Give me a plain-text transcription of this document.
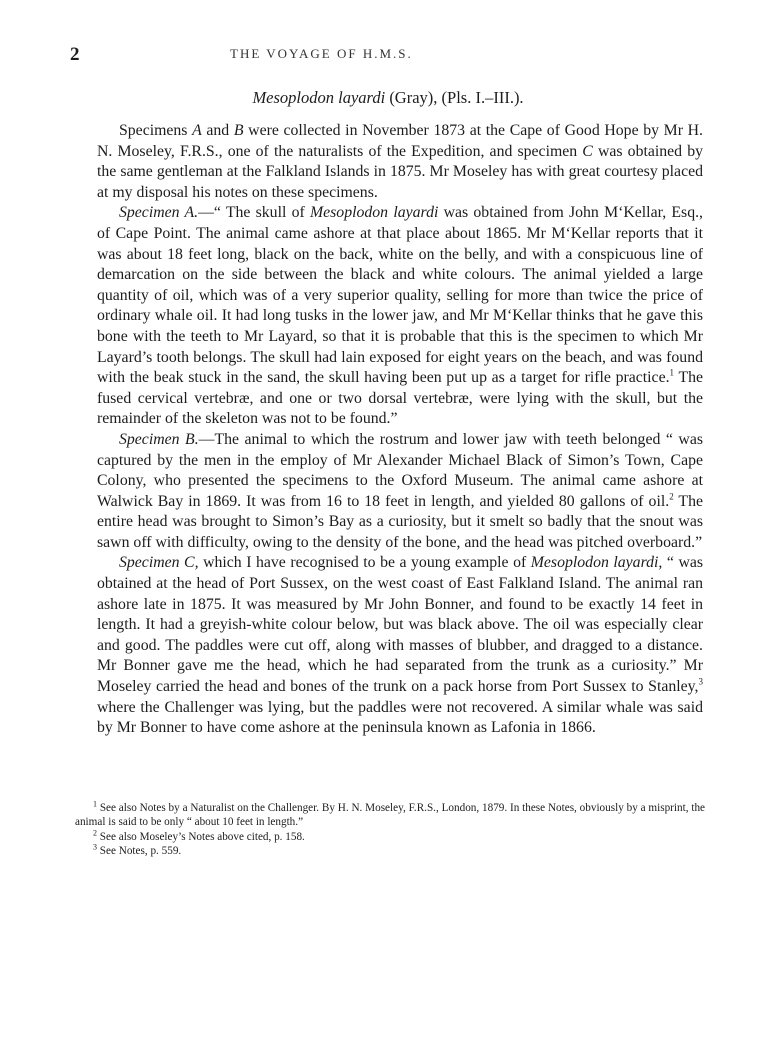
2	THE VOYAGE OF H.M.S.
Mesoplodon layardi (Gray), (Pls. I.–III.).

Specimens A and B were collected in November 1873 at the Cape of Good Hope by Mr H. N. Moseley, F.R.S., one of the naturalists of the Expedition, and specimen C was obtained by the same gentleman at the Falkland Islands in 1875. Mr Moseley has with great courtesy placed at my disposal his notes on these specimens.

Specimen A.—“ The skull of Mesoplodon layardi was obtained from John M‘Kellar, Esq., of Cape Point. The animal came ashore at that place about 1865. Mr M‘Kellar reports that it was about 18 feet long, black on the back, white on the belly, and with a conspicuous line of demarcation on the side between the black and white colours. The animal yielded a large quantity of oil, which was of a very superior quality, selling for more than twice the price of ordinary whale oil. It had long tusks in the lower jaw, and Mr M‘Kellar thinks that he gave this bone with the teeth to Mr Layard, so that it is probable that this is the specimen to which Mr Layard’s tooth belongs. The skull had lain exposed for eight years on the beach, and was found with the beak stuck in the sand, the skull having been put up as a target for rifle practice.$^1$ The fused cervical vertebræ, and one or two dorsal vertebræ, were lying with the skull, but the remainder of the skeleton was not to be found.”

Specimen B.—The animal to which the rostrum and lower jaw with teeth belonged “ was captured by the men in the employ of Mr Alexander Michael Black of Simon’s Town, Cape Colony, who presented the specimens to the Oxford Museum. The animal came ashore at Walwick Bay in 1869. It was from 16 to 18 feet in length, and yielded 80 gallons of oil.$^2$ The entire head was brought to Simon’s Bay as a curiosity, but it smelt so badly that the snout was sawn off with difficulty, owing to the density of the bone, and the head was pitched overboard.”

Specimen C, which I have recognised to be a young example of Mesoplodon layardi, “ was obtained at the head of Port Sussex, on the west coast of East Falkland Island. The animal ran ashore late in 1875. It was measured by Mr John Bonner, and found to be exactly 14 feet in length. It had a greyish-white colour below, but was black above. The oil was especially clear and good. The paddles were cut off, along with masses of blubber, and dragged to a distance. Mr Bonner gave me the head, which he had separated from the trunk as a curiosity.” Mr Moseley carried the head and bones of the trunk on a pack horse from Port Sussex to Stanley,$^3$ where the Challenger was lying, but the paddles were not recovered. A similar whale was said by Mr Bonner to have come ashore at the peninsula known as Lafonia in 1866.

$^1$ See also Notes by a Naturalist on the Challenger. By H. N. Moseley, F.R.S., London, 1879. In these Notes, obviously by a misprint, the animal is said to be only “ about 10 feet in length.”

$^2$ See also Moseley’s Notes above cited, p. 158.

$^3$ See Notes, p. 559.
